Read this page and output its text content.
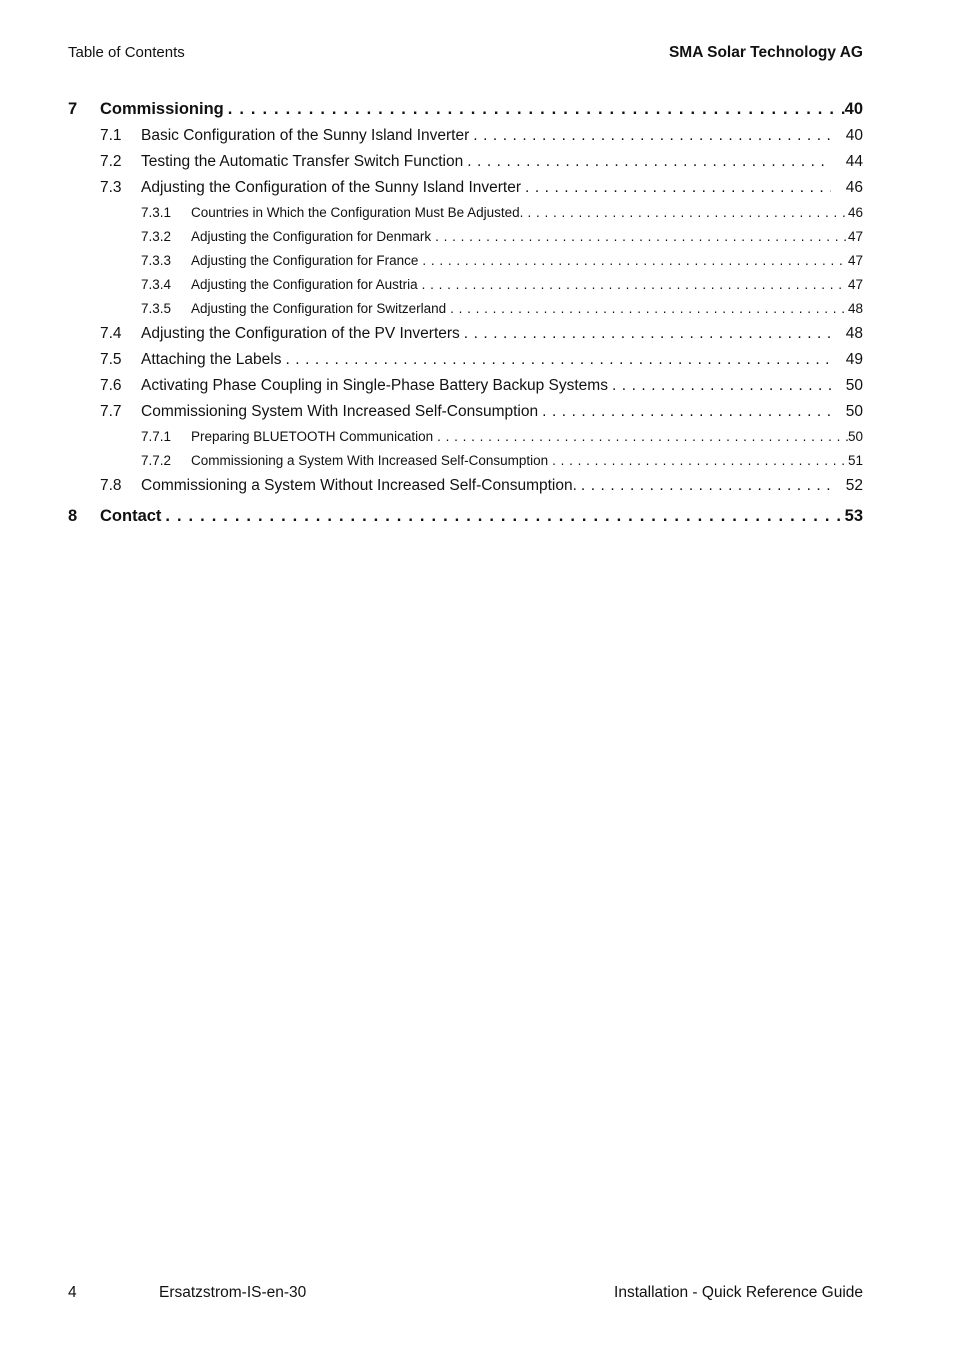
Table of Contents	SMA Solar Technology AG
7	Commissioning . . .	40
7.1	Basic Configuration of the Sunny Island Inverter . . .	40
7.2	Testing the Automatic Transfer Switch Function . . .	44
7.3	Adjusting the Configuration of the Sunny Island Inverter . . .	46
7.3.1	Countries in Which the Configuration Must Be Adjusted. . . .	46
7.3.2	Adjusting the Configuration for Denmark . . .	47
7.3.3	Adjusting the Configuration for France . . .	47
7.3.4	Adjusting the Configuration for Austria . . .	47
7.3.5	Adjusting the Configuration for Switzerland . . .	48
7.4	Adjusting the Configuration of the PV Inverters . . .	48
7.5	Attaching the Labels . . .	49
7.6	Activating Phase Coupling in Single-Phase Battery Backup Systems . . .	50
7.7	Commissioning System With Increased Self-Consumption . . .	50
7.7.1	Preparing BLUETOOTH Communication . . .	50
7.7.2	Commissioning a System With Increased Self-Consumption . . .	51
7.8	Commissioning a System Without Increased Self-Consumption. . . .	52
8	Contact . . .	53
4	Ersatzstrom-IS-en-30	Installation - Quick Reference Guide
